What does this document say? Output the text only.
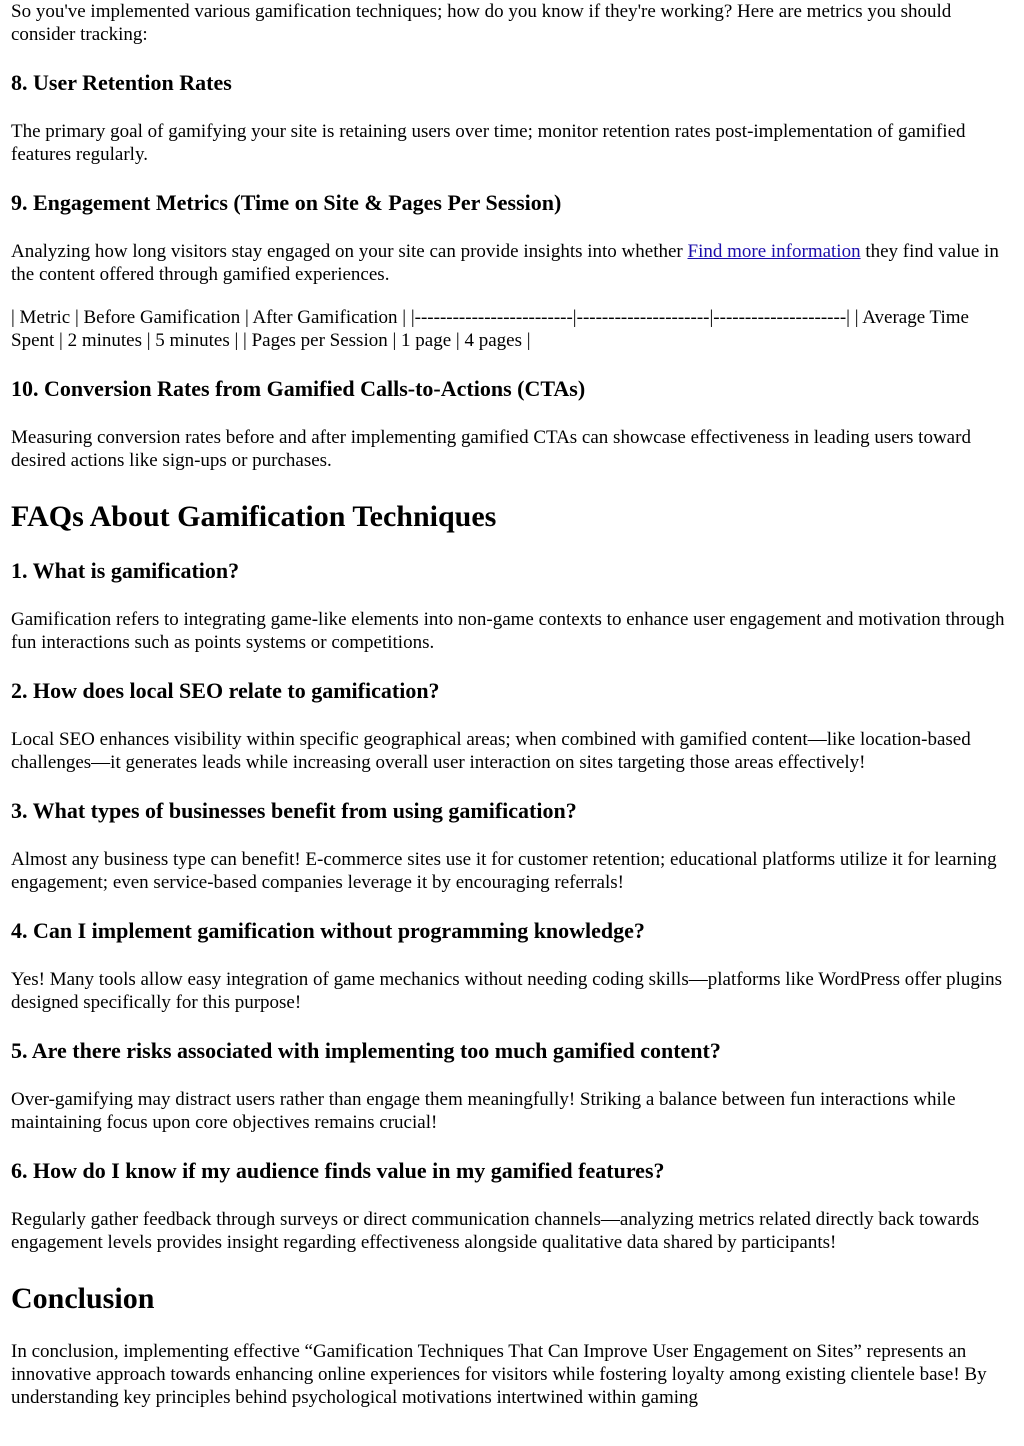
So you've implemented various gamification techniques; how do you know if they're working? Here are metrics you should consider tracking:

8. User Retention Rates

The primary goal of gamifying your site is retaining users over time; monitor retention rates post-implementation of gamified features regularly.

9. Engagement Metrics (Time on Site & Pages Per Session)

Analyzing how long visitors stay engaged on your site can provide insights into whether Find more information they find value in the content offered through gamified experiences.

| Metric | Before Gamification | After Gamification | |-------------------------|---------------------|---------------------| | Average Time Spent | 2 minutes | 5 minutes | | Pages per Session | 1 page | 4 pages |

10. Conversion Rates from Gamified Calls-to-Actions (CTAs)

Measuring conversion rates before and after implementing gamified CTAs can showcase effectiveness in leading users toward desired actions like sign-ups or purchases.

FAQs About Gamification Techniques
1. What is gamification?

Gamification refers to integrating game-like elements into non-game contexts to enhance user engagement and motivation through fun interactions such as points systems or competitions.

2. How does local SEO relate to gamification?

Local SEO enhances visibility within specific geographical areas; when combined with gamified content—like location-based challenges—it generates leads while increasing overall user interaction on sites targeting those areas effectively!

3. What types of businesses benefit from using gamification?

Almost any business type can benefit! E-commerce sites use it for customer retention; educational platforms utilize it for learning engagement; even service-based companies leverage it by encouraging referrals!

4. Can I implement gamification without programming knowledge?

Yes! Many tools allow easy integration of game mechanics without needing coding skills—platforms like WordPress offer plugins designed specifically for this purpose!

5. Are there risks associated with implementing too much gamified content?

Over-gamifying may distract users rather than engage them meaningfully! Striking a balance between fun interactions while maintaining focus upon core objectives remains crucial!

6. How do I know if my audience finds value in my gamified features?

Regularly gather feedback through surveys or direct communication channels—analyzing metrics related directly back towards engagement levels provides insight regarding effectiveness alongside qualitative data shared by participants!

Conclusion

In conclusion, implementing effective “Gamification Techniques That Can Improve User Engagement on Sites” represents an innovative approach towards enhancing online experiences for visitors while fostering loyalty among existing clientele base! By understanding key principles behind psychological motivations intertwined within gaming
